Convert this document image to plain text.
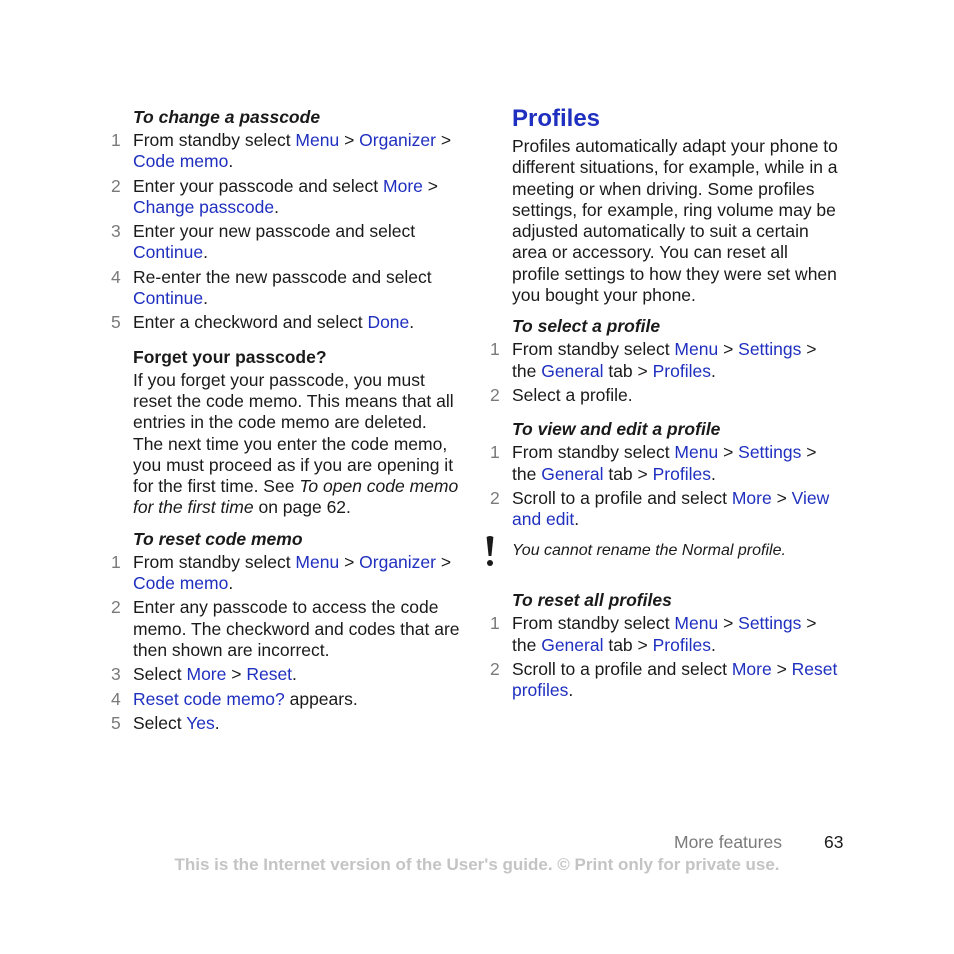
To change a passcode
1 From standby select Menu > Organizer > Code memo.
2 Enter your passcode and select More > Change passcode.
3 Enter your new passcode and select Continue.
4 Re-enter the new passcode and select Continue.
5 Enter a checkword and select Done.
Forget your passcode?
If you forget your passcode, you must reset the code memo. This means that all entries in the code memo are deleted. The next time you enter the code memo, you must proceed as if you are opening it for the first time. See To open code memo for the first time on page 62.
To reset code memo
1 From standby select Menu > Organizer > Code memo.
2 Enter any passcode to access the code memo. The checkword and codes that are then shown are incorrect.
3 Select More > Reset.
4 Reset code memo? appears.
5 Select Yes.
Profiles
Profiles automatically adapt your phone to different situations, for example, while in a meeting or when driving. Some profiles settings, for example, ring volume may be adjusted automatically to suit a certain area or accessory. You can reset all profile settings to how they were set when you bought your phone.
To select a profile
1 From standby select Menu > Settings > the General tab > Profiles.
2 Select a profile.
To view and edit a profile
1 From standby select Menu > Settings > the General tab > Profiles.
2 Scroll to a profile and select More > View and edit.
You cannot rename the Normal profile.
To reset all profiles
1 From standby select Menu > Settings > the General tab > Profiles.
2 Scroll to a profile and select More > Reset profiles.
More features 63
This is the Internet version of the User's guide. © Print only for private use.
